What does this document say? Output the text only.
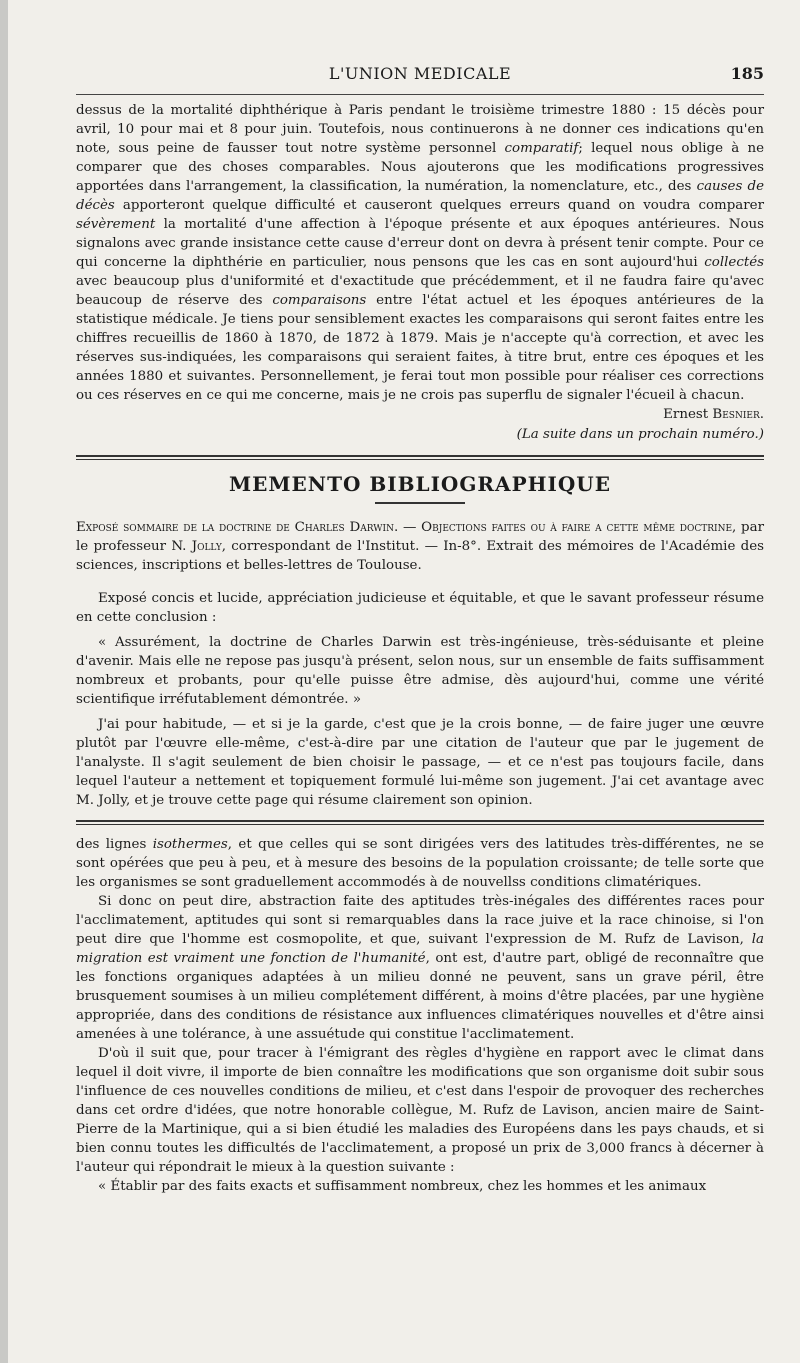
L'UNION MEDICALE	185

dessus de la mortalité diphthérique à Paris pendant le troisième trimestre 1880 : 15 décès pour avril, 10 pour mai et 8 pour juin. Toutefois, nous continuerons à ne donner ces indications qu'en note, sous peine de fausser tout notre système personnel comparatif; lequel nous oblige à ne comparer que des choses comparables. Nous ajouterons que les modifications progressives apportées dans l'arrangement, la classification, la numération, la nomenclature, etc., des causes de décès apporteront quelque difficulté et causeront quelques erreurs quand on voudra comparer sévèrement la mortalité d'une affection à l'époque présente et aux époques antérieures. Nous signalons avec grande insistance cette cause d'erreur dont on devra à présent tenir compte. Pour ce qui concerne la diphthérie en particulier, nous pensons que les cas en sont aujourd'hui collectés avec beaucoup plus d'uniformité et d'exactitude que précédemment, et il ne faudra faire qu'avec beaucoup de réserve des comparaisons entre l'état actuel et les époques antérieures de la statistique médicale. Je tiens pour sensiblement exactes les comparaisons qui seront faites entre les chiffres recueillis de 1860 à 1870, de 1872 à 1879. Mais je n'accepte qu'à correction, et avec les réserves sus-indiquées, les comparaisons qui seraient faites, à titre brut, entre ces époques et les années 1880 et suivantes. Personnellement, je ferai tout mon possible pour réaliser ces corrections ou ces réserves en ce qui me concerne, mais je ne crois pas superflu de signaler l'écueil à chacun.

Ernest Besnier.

(La suite dans un prochain numéro.)

MEMENTO BIBLIOGRAPHIQUE

Exposé sommaire de la doctrine de Charles Darwin. — Objections faites ou à faire a cette même doctrine, par le professeur N. Jolly, correspondant de l'Institut. — In-8°. Extrait des mémoires de l'Académie des sciences, inscriptions et belles-lettres de Toulouse.

Exposé concis et lucide, appréciation judicieuse et équitable, et que le savant professeur résume en cette conclusion :

« Assurément, la doctrine de Charles Darwin est très-ingénieuse, très-séduisante et pleine d'avenir. Mais elle ne repose pas jusqu'à présent, selon nous, sur un ensemble de faits suffisamment nombreux et probants, pour qu'elle puisse être admise, dès aujourd'hui, comme une vérité scientifique irréfutablement démontrée. »

J'ai pour habitude, — et si je la garde, c'est que je la crois bonne, — de faire juger une œuvre plutôt par l'œuvre elle-même, c'est-à-dire par une citation de l'auteur que par le jugement de l'analyste. Il s'agit seulement de bien choisir le passage, — et ce n'est pas toujours facile, dans lequel l'auteur a nettement et topiquement formulé lui-même son jugement. J'ai cet avantage avec M. Jolly, et je trouve cette page qui résume clairement son opinion.

des lignes isothermes, et que celles qui se sont dirigées vers des latitudes très-différentes, ne se sont opérées que peu à peu, et à mesure des besoins de la population croissante; de telle sorte que les organismes se sont graduellement accommodés à de nouvellss conditions climatériques.

Si donc on peut dire, abstraction faite des aptitudes très-inégales des différentes races pour l'acclimatement, aptitudes qui sont si remarquables dans la race juive et la race chinoise, si l'on peut dire que l'homme est cosmopolite, et que, suivant l'expression de M. Rufz de Lavison, la migration est vraiment une fonction de l'humanité, ont est, d'autre part, obligé de reconnaître que les fonctions organiques adaptées à un milieu donné ne peuvent, sans un grave péril, être brusquement soumises à un milieu complétement différent, à moins d'être placées, par une hygiène appropriée, dans des conditions de résistance aux influences climatériques nouvelles et d'être ainsi amenées à une tolérance, à une assuétude qui constitue l'acclimatement.

D'où il suit que, pour tracer à l'émigrant des règles d'hygiène en rapport avec le climat dans lequel il doit vivre, il importe de bien connaître les modifications que son organisme doit subir sous l'influence de ces nouvelles conditions de milieu, et c'est dans l'espoir de provoquer des recherches dans cet ordre d'idées, que notre honorable collègue, M. Rufz de Lavison, ancien maire de Saint-Pierre de la Martinique, qui a si bien étudié les maladies des Européens dans les pays chauds, et si bien connu toutes les difficultés de l'acclimatement, a proposé un prix de 3,000 francs à décerner à l'auteur qui répondrait le mieux à la question suivante :

« Établir par des faits exacts et suffisamment nombreux, chez les hommes et les animaux
